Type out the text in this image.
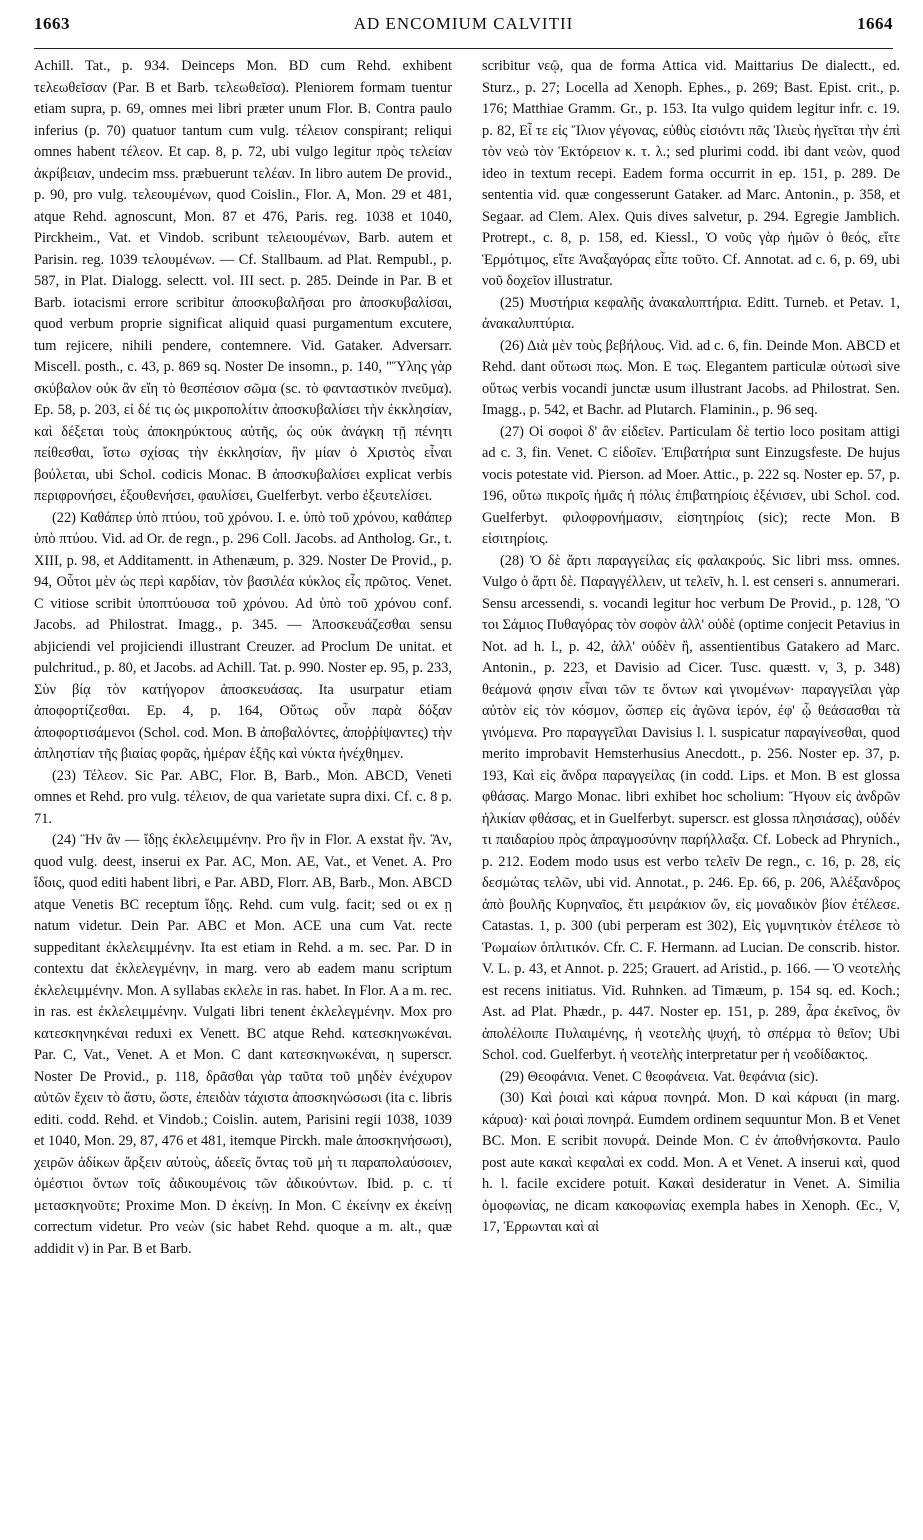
1663	AD ENCOMIUM CALVITII	1664

Achill. Tat., p. 934. Deinceps Mon. BD cum Rehd. exhibent τελεωθεῖσαν (Par. B et Barb. τελεωθεῖσα). Pleniorem formam tuentur etiam supra, p. 69, omnes mei libri præter unum Flor. B. Contra paulo inferius (p. 70) quatuor tantum cum vulg. τέλειον conspirant; reliqui omnes habent τέλεον. Et cap. 8, p. 72, ubi vulgo legitur πρὸς τελείαν ἀκρίβειαν, undecim mss. præbuerunt τελέαν. In libro autem De provid., p. 90, pro vulg. τελεουμένων, quod Coislin., Flor. A, Mon. 29 et 481, atque Rehd. agnoscunt, Mon. 87 et 476, Paris. reg. 1038 et 1040, Pirckheim., Vat. et Vindob. scribunt τελειουμένων, Barb. autem et Parisin. reg. 1039 τελουμένων. — Cf. Stallbaum. ad Plat. Rempubl., p. 587, in Plat. Dialogg. selectt. vol. III sect. p. 285. Deinde in Par. B et Barb. iotacismi errore scribitur ἀποσκυβαλῆσαι pro ἀποσκυβαλίσαι, quod verbum proprie significat aliquid quasi purgamentum excutere, tum rejicere, nihili pendere, contemnere. Vid. Gataker. Adversarr. Miscell. posth., c. 43, p. 869 sq. Noster De insomn., p. 140, "Ὕλης γὰρ σκύβαλον οὐκ ἂν εἴη τὸ θεσπέσιον σῶμα (sc. τὸ φανταστικὸν πνεῦμα). Ep. 58, p. 203, εἰ δέ τις ὡς μικροπολίτιν ἀποσκυβαλίσει τὴν ἐκκλησίαν, καὶ δέξεται τοὺς ἀποκηρύκτους αὐτῆς, ὡς οὐκ ἀνάγκη τῇ πένητι πείθεσθαι, ἴστω σχίσας τὴν ἐκκλησίαν, ἣν μίαν ὁ Χριστὸς εἶναι βούλεται, ubi Schol. codicis Monac. B ἀποσκυβαλίσει explicat verbis περιφρονήσει, ἐξουθενήσει, φαυλίσει, Guelferbyt. verbo ἐξευτελίσει.

(22) Καθάπερ ὑπὸ πτύου, τοῦ χρόνου. I. e. ὑπὸ τοῦ χρόνου, καθάπερ ὑπὸ πτύου. Vid. ad Or. de regn., p. 296 Coll. Jacobs. ad Antholog. Gr., t. XIII, p. 98, et Additamentt. in Athenæum, p. 329. Noster De Provid., p. 94, Οὗτοι μὲν ὡς περὶ καρδίαν, τὸν βασιλέα κύκλος εἷς πρῶτος. Venet. C vitiose scribit ὑποπτύουσα τοῦ χρόνου. Ad ὑπὸ τοῦ χρόνου conf. Jacobs. ad Philostrat. Imagg., p. 345. — Ἀποσκευάζεσθαι sensu abjiciendi vel projiciendi illustrant Creuzer. ad Proclum De unitat. et pulchritud., p. 80, et Jacobs. ad Achill. Tat. p. 990. Noster ep. 95, p. 233, Σὺν βίᾳ τὸν κατήγορον ἀποσκευάσας. Ita usurpatur etiam ἀποφορτίζεσθαι. Ep. 4, p. 164, Οὕτως οὖν παρὰ δόξαν ἀποφορτισάμενοι (Schol. cod. Mon. B ἀποβαλόντες, ἀποῤῥίψαντες) τὴν ἀπληστίαν τῆς βιαίας φορᾶς, ἡμέραν ἑξῆς καὶ νύκτα ἠνέχθημεν.

(23) Τέλεον. Sic Par. ABC, Flor. B, Barb., Mon. ABCD, Veneti omnes et Rehd. pro vulg. τέλειον, de qua varietate supra dixi. Cf. c. 8 p. 71.

(24) Ἣν ἂν — ἴδῃς ἐκλελειμμένην. Pro ἣν in Flor. A exstat ἣν. Ἂν, quod vulg. deest, inserui ex Par. AC, Mon. AE, Vat., et Venet. A. Pro ἴδοις, quod editi habent libri, e Par. ABD, Florr. AB, Barb., Mon. ABCD atque Venetis BC receptum ἴδῃς. Rehd. cum vulg. facit; sed οι ex ῃ natum videtur. Dein Par. ABC et Mon. ACE una cum Vat. recte suppeditant ἐκλελειμμένην. Ita est etiam in Rehd. a m. sec. Par. D in contextu dat ἐκλελεγμένην, in marg. vero ab eadem manu scriptum ἐκλελειμμένην. Mon. A syllabas εκλελε in ras. habet. In Flor. A a m. rec. in ras. est ἐκλελειμμένην. Vulgati libri tenent ἐκλελεγμένην. Mox pro κατεσκηνηκέναι reduxi ex Venett. BC atque Rehd. κατεσκηνωκέναι. Par. C, Vat., Venet. A et Mon. C dant κατεσκηνωκέναι, η superscr. Noster De Provid., p. 118, δρᾶσθαι γὰρ ταῦτα τοῦ μηδὲν ἐνέχυρον αὐτῶν ἔχειν τὸ ἄστυ, ὥστε, ἐπειδὰν τάχιστα ἀποσκηνώσωσι (ita c. libris editi. codd. Rehd. et Vindob.; Coislin. autem, Parisini regii 1038, 1039 et 1040, Mon. 29, 87, 476 et 481, itemque Pirckh. male ἀποσκηνήσωσι), χειρῶν ἀδίκων ἄρξειν αὐτοὺς, ἀδεεῖς ὄντας τοῦ μὴ τι παραπολαύσοιεν, ὁμέστιοι ὄντων τοῖς ἀδικουμένοις τῶν ἀδικούντων. Ibid. p. c. τί μετασκηνοῦτε; Proxime Mon. D ἐκείνῃ. In Mon. C ἐκείνην ex ἐκείνῃ correctum videtur. Pro νεὼν (sic habet Rehd. quoque a m. alt., quæ addidit ν) in Par. B et Barb.

scribitur νεῷ, qua de forma Attica vid. Maittarius De dialectt., ed. Sturz., p. 27; Locella ad Xenoph. Ephes., p. 269; Bast. Epist. crit., p. 176; Matthiae Gramm. Gr., p. 153. Ita vulgo quidem legitur infr. c. 19. p. 82, Εἶ τε εἰς Ἴλιον γέγονας, εὐθὺς εἰσιόντι πᾶς Ἰλιεὺς ἡγεῖται τὴν ἐπὶ τὸν νεὼ τὸν Ἑκτόρειον κ. τ. λ.; sed plurimi codd. ibi dant νεὼν, quod ideo in textum recepi. Eadem forma occurrit in ep. 151, p. 289. De sententia vid. quæ congesserunt Gataker. ad Marc. Antonin., p. 358, et Segaar. ad Clem. Alex. Quis dives salvetur, p. 294. Egregie Jamblich. Protrept., c. 8, p. 158, ed. Kiessl., Ὁ νοῦς γὰρ ἡμῶν ὁ θεός, εἴτε Ἑρμότιμος, εἴτε Ἀναξαγόρας εἶπε τοῦτο. Cf. Annotat. ad c. 6, p. 69, ubi νοῦ δοχεῖον illustratur.

(25) Μυστήρια κεφαλῆς ἀνακαλυπτήρια. Editt. Turneb. et Petav. 1, ἀνακαλυπτύρια.

(26) Διὰ μὲν τοὺς βεβήλους. Vid. ad c. 6, fin. Deinde Mon. ABCD et Rehd. dant οὕτωσι πως. Mon. E τως. Elegantem particulæ οὑτωσὶ sive οὕτως verbis vocandi junctæ usum illustrant Jacobs. ad Philostrat. Sen. Imagg., p. 542, et Bachr. ad Plutarch. Flaminin., p. 96 seq.

(27) Οἱ σοφοὶ δ' ἂν εἰδεῖεν. Particulam δὲ tertio loco positam attigi ad c. 3, fin. Venet. C εἰδοῖεν. Ἐπιβατήρια sunt Einzugsfeste. De hujus vocis potestate vid. Pierson. ad Moer. Attic., p. 222 sq. Noster ep. 57, p. 196, οὕτω πικροῖς ἡμᾶς ἡ πόλις ἐπιβατηρίοις ἐξένισεν, ubi Schol. cod. Guelferbyt. φιλοφρονήμασιν, εἰσητηρίοις (sic); recte Mon. B εἰσιτηρίοις.

(28) Ὁ δὲ ἄρτι παραγγείλας εἰς φαλακρούς. Sic libri mss. omnes. Vulgo ὁ ἄρτι δὲ. Παραγγέλλειν, ut τελεῖν, h. l. est censeri s. annumerari. Sensu arcessendi, s. vocandi legitur hoc verbum De Provid., p. 128, Ὃ τοι Σάμιος Πυθαγόρας τὸν σοφὸν ἀλλ' οὐδὲ (optime conjecit Petavius in Not. ad h. l., p. 42, ἀλλ' οὐδὲν ἢ, assentientibus Gatakero ad Marc. Antonin., p. 223, et Davisio ad Cicer. Tusc. quæstt. v, 3, p. 348) θεάμονά φησιν εἶναι τῶν τε ὄντων καὶ γινομένων· παραγγεῖλαι γὰρ αὐτὸν εἰς τὸν κόσμον, ὥσπερ εἰς ἀγῶνα ἱερόν, ἐφ' ᾧ θεάσασθαι τὰ γινόμενα. Pro παραγγεῖλαι Davisius l. l. suspicatur παραγίνεσθαι, quod merito improbavit Hemsterhusius Anecdott., p. 256. Noster ep. 37, p. 193, Καὶ εἰς ἄνδρα παραγγείλας (in codd. Lips. et Mon. B est glossa φθάσας. Margo Monac. libri exhibet hoc scholium: Ἤγουν εἰς ἀνδρῶν ἡλικίαν φθάσας, et in Guelferbyt. superscr. est glossa πλησιάσας), οὐδέν τι παιδαρίου πρὸς ἁπραγμοσύνην παρήλλαξα. Cf. Lobeck ad Phrynich., p. 212. Eodem modo usus est verbo τελεῖν De regn., c. 16, p. 28, εἰς δεσμώτας τελῶν, ubi vid. Annotat., p. 246. Ep. 66, p. 206, Ἀλέξανδρος ἀπὸ βουλῆς Κυρηναῖος, ἔτι μειράκιον ὤν, εἰς μοναδικὸν βίον ἐτέλεσε. Catastas. 1, p. 300 (ubi perperam est 302), Εἰς γυμνητικὸν ἐτέλεσε τὸ Ῥωμαίων ὁπλιτικόν. Cfr. C. F. Hermann. ad Lucian. De conscrib. histor. V. L. p. 43, et Annot. p. 225; Grauert. ad Aristid., p. 166. — Ὁ νεοτελὴς est recens initiatus. Vid. Ruhnken. ad Timæum, p. 154 sq. ed. Koch.; Ast. ad Plat. Phædr., p. 447. Noster ep. 151, p. 289, ἆρα ἐκεῖνος, ὃν ἀπολέλοιπε Πυλαιμένης, ἡ νεοτελὴς ψυχή, τὸ σπέρμα τὸ θεῖον; Ubi Schol. cod. Guelferbyt. ἡ νεοτελὴς interpretatur per ἡ νεοδίδακτος.

(29) Θεοφάνια. Venet. C θεοφάνεια. Vat. θεφάνια (sic).

(30) Καὶ ῥοιαὶ καὶ κάρυα πονηρά. Mon. D καὶ κάρυαι (in marg. κάρυα)· καὶ ῥοιαὶ πονηρά. Eumdem ordinem sequuntur Mon. B et Venet BC. Mon. E scribit πονυρά. Deinde Mon. C ἐν ἀποθνήσκοντα. Paulo post aute κακαὶ κεφαλαὶ ex codd. Mon. A et Venet. A inserui καὶ, quod h. l. facile excidere potuit. Κακαὶ desideratur in Venet. A. Similia ὁμοφωνίας, ne dicam κακοφωνίας exempla habes in Xenoph. Œc., V, 17, Ἐρρωνται καὶ αἱ
